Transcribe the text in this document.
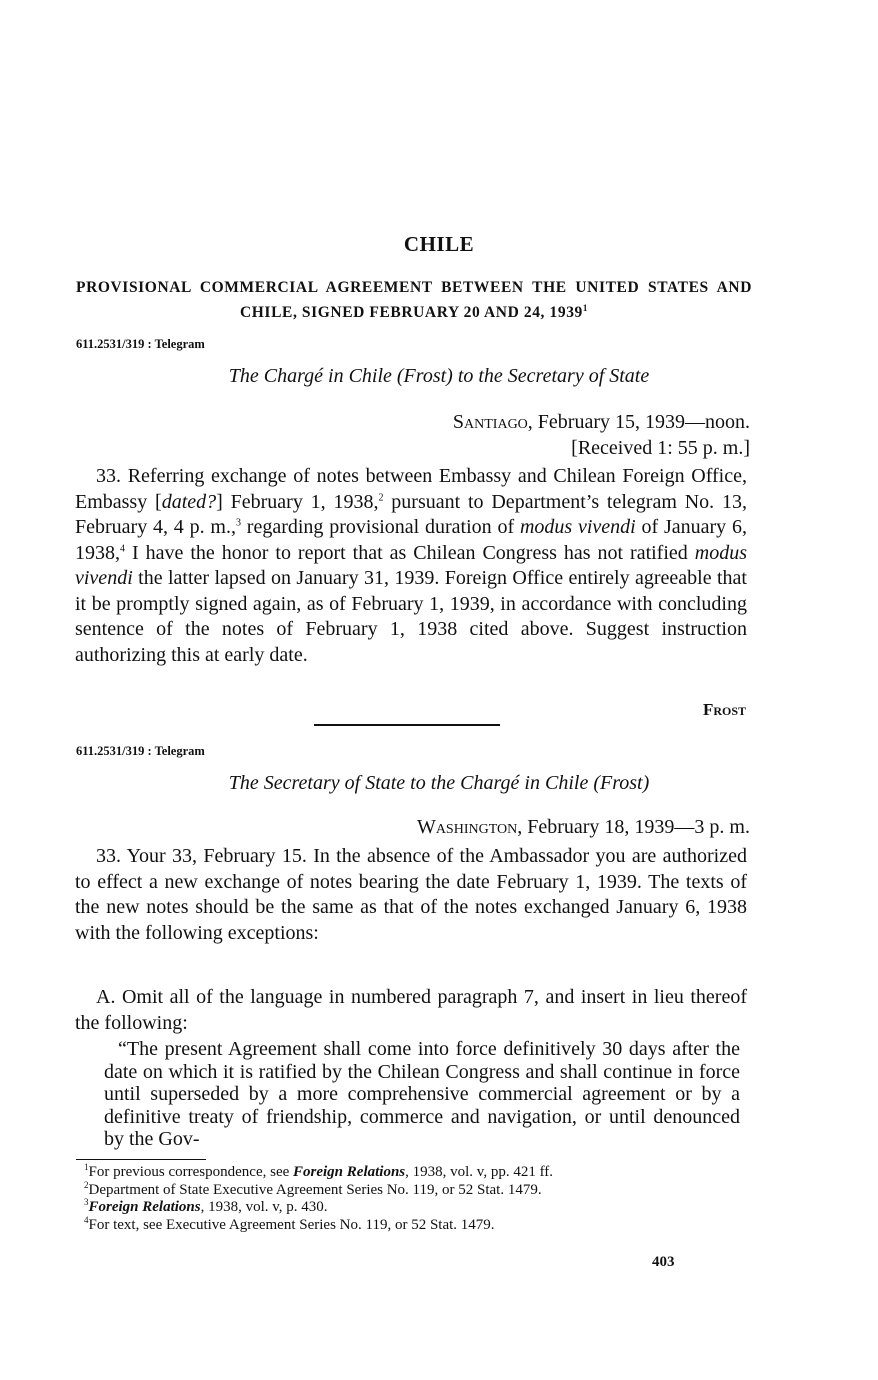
CHILE
PROVISIONAL COMMERCIAL AGREEMENT BETWEEN THE UNITED STATES AND CHILE, SIGNED FEBRUARY 20 AND 24, 1939$^1$
611.2531/319 : Telegram
The Chargé in Chile (Frost) to the Secretary of State
Santiago, February 15, 1939—noon.
[Received 1: 55 p. m.]
33. Referring exchange of notes between Embassy and Chilean Foreign Office, Embassy [dated?] February 1, 1938,$^2$ pursuant to Department’s telegram No. 13, February 4, 4 p. m.,$^3$ regarding provisional duration of modus vivendi of January 6, 1938,$^4$ I have the honor to report that as Chilean Congress has not ratified modus vivendi the latter lapsed on January 31, 1939. Foreign Office entirely agreeable that it be promptly signed again, as of February 1, 1939, in accordance with concluding sentence of the notes of February 1, 1938 cited above. Suggest instruction authorizing this at early date.
Frost
611.2531/319 : Telegram
The Secretary of State to the Chargé in Chile (Frost)
Washington, February 18, 1939—3 p. m.
33. Your 33, February 15. In the absence of the Ambassador you are authorized to effect a new exchange of notes bearing the date February 1, 1939. The texts of the new notes should be the same as that of the notes exchanged January 6, 1938 with the following exceptions:
A. Omit all of the language in numbered paragraph 7, and insert in lieu thereof the following:
“The present Agreement shall come into force definitively 30 days after the date on which it is ratified by the Chilean Congress and shall continue in force until superseded by a more comprehensive commercial agreement or by a definitive treaty of friendship, commerce and navigation, or until denounced by the Gov-
$^1$For previous correspondence, see Foreign Relations, 1938, vol. v, pp. 421 ff.
$^2$Department of State Executive Agreement Series No. 119, or 52 Stat. 1479.
$^3$Foreign Relations, 1938, vol. v, p. 430.
$^4$For text, see Executive Agreement Series No. 119, or 52 Stat. 1479.
403
